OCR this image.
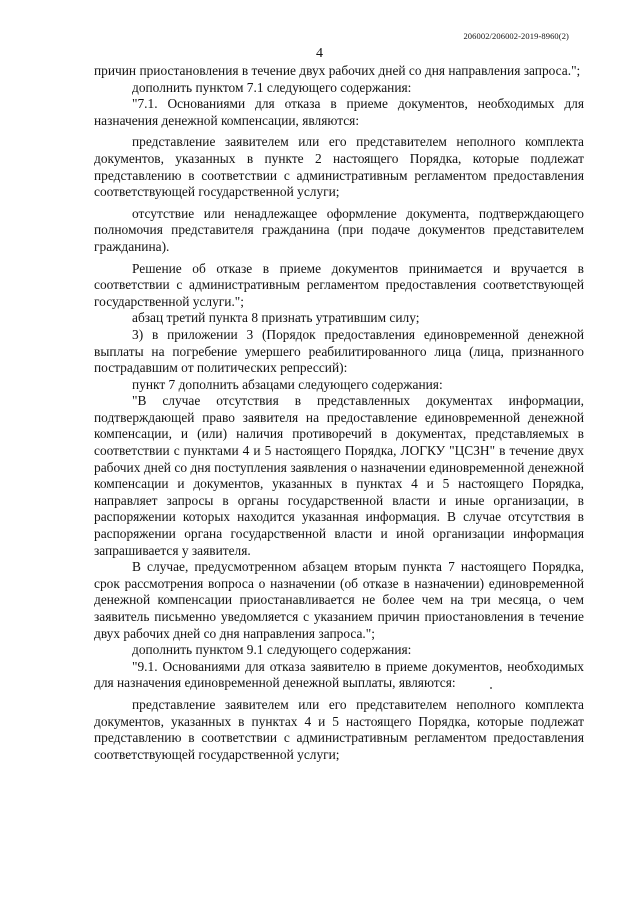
206002/206002-2019-8960(2)
4

причин приостановления в течение двух рабочих дней со дня направления запроса.";

дополнить пунктом 7.1 следующего содержания:

"7.1. Основаниями для отказа в приеме документов, необходимых для назначения денежной компенсации, являются:

представление заявителем или его представителем неполного комплекта документов, указанных в пункте 2 настоящего Порядка, которые подлежат представлению в соответствии с административным регламентом предоставления соответствующей государственной услуги;

отсутствие или ненадлежащее оформление документа, подтверждающего полномочия представителя гражданина (при подаче документов представителем гражданина).

Решение об отказе в приеме документов принимается и вручается в соответствии с административным регламентом предоставления соответствующей государственной услуги.";

абзац третий пункта 8 признать утратившим силу;

3) в приложении 3 (Порядок предоставления единовременной денежной выплаты на погребение умершего реабилитированного лица (лица, признанного пострадавшим от политических репрессий):

пункт 7 дополнить абзацами следующего содержания:

"В случае отсутствия в представленных документах информации, подтверждающей право заявителя на предоставление единовременной денежной компенсации, и (или) наличия противоречий в документах, представляемых в соответствии с пунктами 4 и 5 настоящего Порядка, ЛОГКУ "ЦСЗН" в течение двух рабочих дней со дня поступления заявления о назначении единовременной денежной компенсации и документов, указанных в пунктах 4 и 5 настоящего Порядка, направляет запросы в органы государственной власти и иные организации, в распоряжении которых находится указанная информация. В случае отсутствия в распоряжении органа государственной власти и иной организации информация запрашивается у заявителя.

В случае, предусмотренном абзацем вторым пункта 7 настоящего Порядка, срок рассмотрения вопроса о назначении (об отказе в назначении) единовременной денежной компенсации приостанавливается не более чем на три месяца, о чем заявитель письменно уведомляется с указанием причин приостановления в течение двух рабочих дней со дня направления запроса.";

дополнить пунктом 9.1 следующего содержания:

"9.1. Основаниями для отказа заявителю в приеме документов, необходимых для назначения единовременной денежной выплаты, являются:

представление заявителем или его представителем неполного комплекта документов, указанных в пунктах 4 и 5 настоящего Порядка, которые подлежат представлению в соответствии с административным регламентом предоставления соответствующей государственной услуги;
